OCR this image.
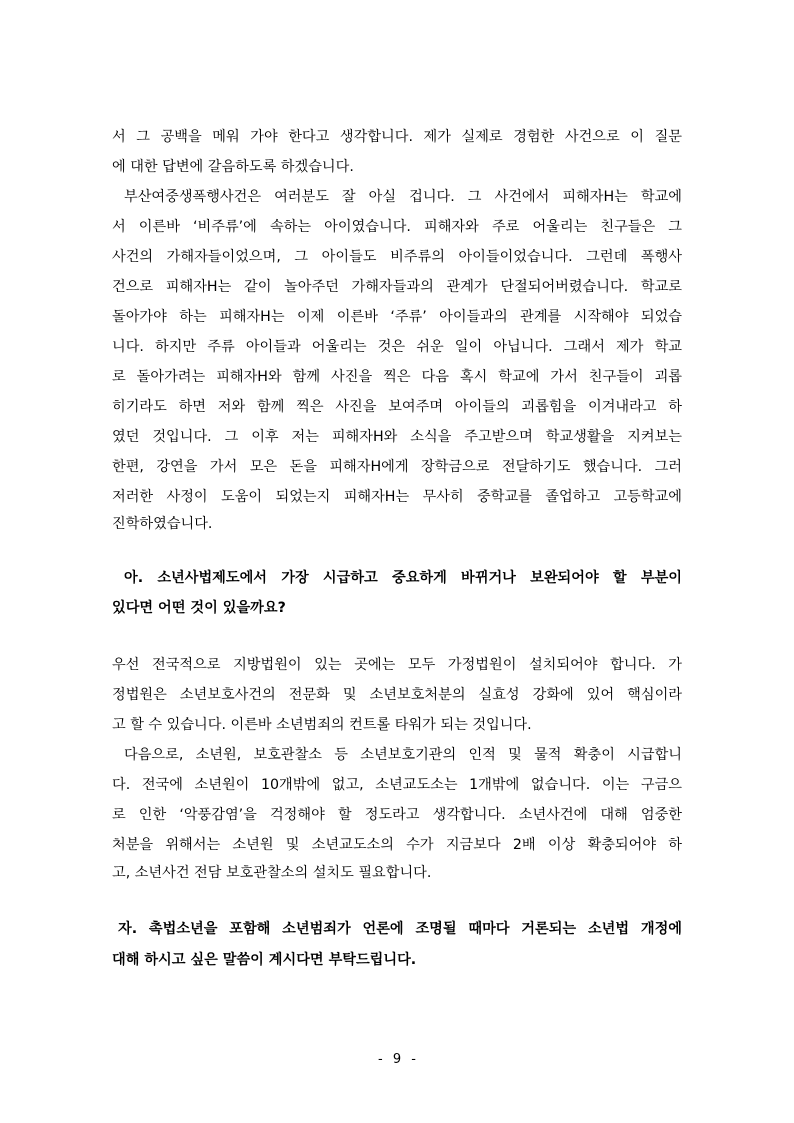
서 그 공백을 메워 가야 한다고 생각합니다. 제가 실제로 경험한 사건으로 이 질문
에 대한 답변에 갈음하도록 하겠습니다.
부산여중생폭행사건은 여러분도 잘 아실 겁니다. 그 사건에서 피해자H는 학교에
서 이른바 ‘비주류’에 속하는 아이였습니다. 피해자와 주로 어울리는 친구들은 그
사건의 가해자들이었으며, 그 아이들도 비주류의 아이들이었습니다. 그런데 폭행사
건으로 피해자H는 같이 놀아주던 가해자들과의 관계가 단절되어버렸습니다. 학교로
돌아가야 하는 피해자H는 이제 이른바 ‘주류’ 아이들과의 관계를 시작해야 되었습
니다. 하지만 주류 아이들과 어울리는 것은 쉬운 일이 아닙니다. 그래서 제가 학교
로 돌아가려는 피해자H와 함께 사진을 찍은 다음 혹시 학교에 가서 친구들이 괴롭
히기라도 하면 저와 함께 찍은 사진을 보여주며 아이들의 괴롭힘을 이겨내라고 하
였던 것입니다. 그 이후 저는 피해자H와 소식을 주고받으며 학교생활을 지켜보는
한편, 강연을 가서 모은 돈을 피해자H에게 장학금으로 전달하기도 했습니다. 그러
저러한 사정이 도움이 되었는지 피해자H는 무사히 중학교를 졸업하고 고등학교에
진학하였습니다.
아. 소년사법제도에서 가장 시급하고 중요하게 바뀌거나 보완되어야 할 부분이
있다면 어떤 것이 있을까요?
우선 전국적으로 지방법원이 있는 곳에는 모두 가정법원이 설치되어야 합니다. 가
정법원은 소년보호사건의 전문화 및 소년보호처분의 실효성 강화에 있어 핵심이라
고 할 수 있습니다. 이른바 소년범죄의 컨트롤 타워가 되는 것입니다.
다음으로, 소년원, 보호관찰소 등 소년보호기관의 인적 및 물적 확충이 시급합니
다. 전국에 소년원이 10개밖에 없고, 소년교도소는 1개밖에 없습니다. 이는 구금으
로 인한 ‘악풍감염’을 걱정해야 할 정도라고 생각합니다. 소년사건에 대해 엄중한
처분을 위해서는 소년원 및 소년교도소의 수가 지금보다 2배 이상 확충되어야 하
고, 소년사건 전담 보호관찰소의 설치도 필요합니다.
자. 촉법소년을 포함해 소년범죄가 언론에 조명될 때마다 거론되는 소년법 개정에
대해 하시고 싶은 말씀이 계시다면 부탁드립니다.
- 9 -
